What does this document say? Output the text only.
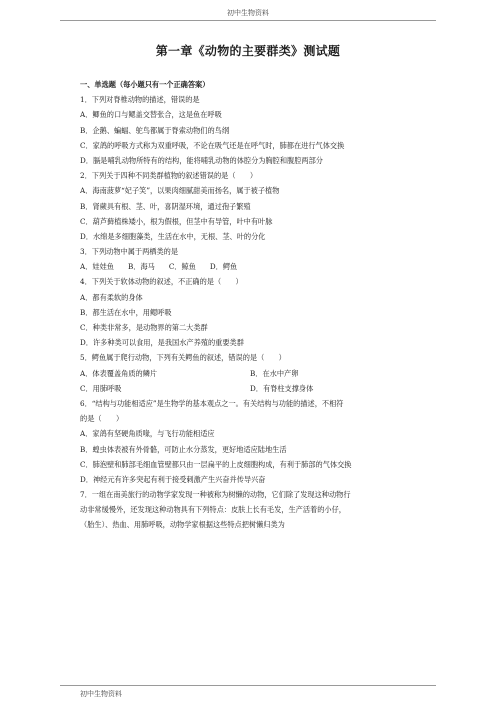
初中生物资料
第一章《动物的主要群类》测试题
一、单选题（每小题只有一个正确答案）
1．下列对脊椎动物的描述，错误的是
A．鲫鱼的口与鳃盖交替张合，这是鱼在呼吸
B．企鹅、蝙蝠、鸵鸟都属于脊索动物们的鸟纲
C．家鸽的呼吸方式称为双重呼吸，不论在吸气还是在呼气时，肺都在进行气体交换
D．膈是哺乳动物所特有的结构，能将哺乳动物的体腔分为胸腔和腹腔两部分
2．下列关于四种不同类群植物的叙述错误的是（　　）
A．海南菠萝“妃子笑”，以果肉细腻甜美而扬名，属于被子植物
B．肾蕨具有根、茎、叶，喜阴湿环境，通过孢子繁殖
C．葫芦藓植株矮小，根为假根，但茎中有导管，叶中有叶脉
D．水绵是多细胞藻类，生活在水中，无根、茎、叶的分化
3．下列动物中属于两栖类的是
A．娃娃鱼 B．海马 C．鲸鱼 D．鳄鱼
4．下列关于软体动物的叙述，不正确的是（　　）
A．都有柔软的身体
B．都生活在水中，用鳃呼吸
C．种类非常多，是动物界的第二大类群
D．许多种类可以食用，是我国水产养殖的重要类群
5．鳄鱼属于爬行动物，下列有关鳄鱼的叙述，错误的是（　　）
A．体表覆盖角质的鳞片	B．在水中产卵
C．用肺呼吸	D．有脊柱支撑身体
6．“结构与功能相适应”是生物学的基本观点之一。有关结构与功能的描述，不相符
的是（　　）
A．家鸽有坚硬角质喙，与飞行功能相适应
B．蝗虫体表被有外骨骼，可防止水分蒸发，更好地适应陆地生活
C．肺泡壁和肺部毛细血管壁都只由一层扁平的上皮细胞构成，有利于肺部的气体交换
D．神经元有许多突起有利于接受刺激产生兴奋并传导兴奋
7．一组在南美旅行的动物学家发现一种被称为树懒的动物，它们除了发现这种动物行
动非常缓慢外，还发现这种动物具有下列特点：皮肤上长有毛发，生产活着的小仔，
（胎生）、热血、用肺呼吸，动物学家根据这些特点把树懒归类为
初中生物资料
